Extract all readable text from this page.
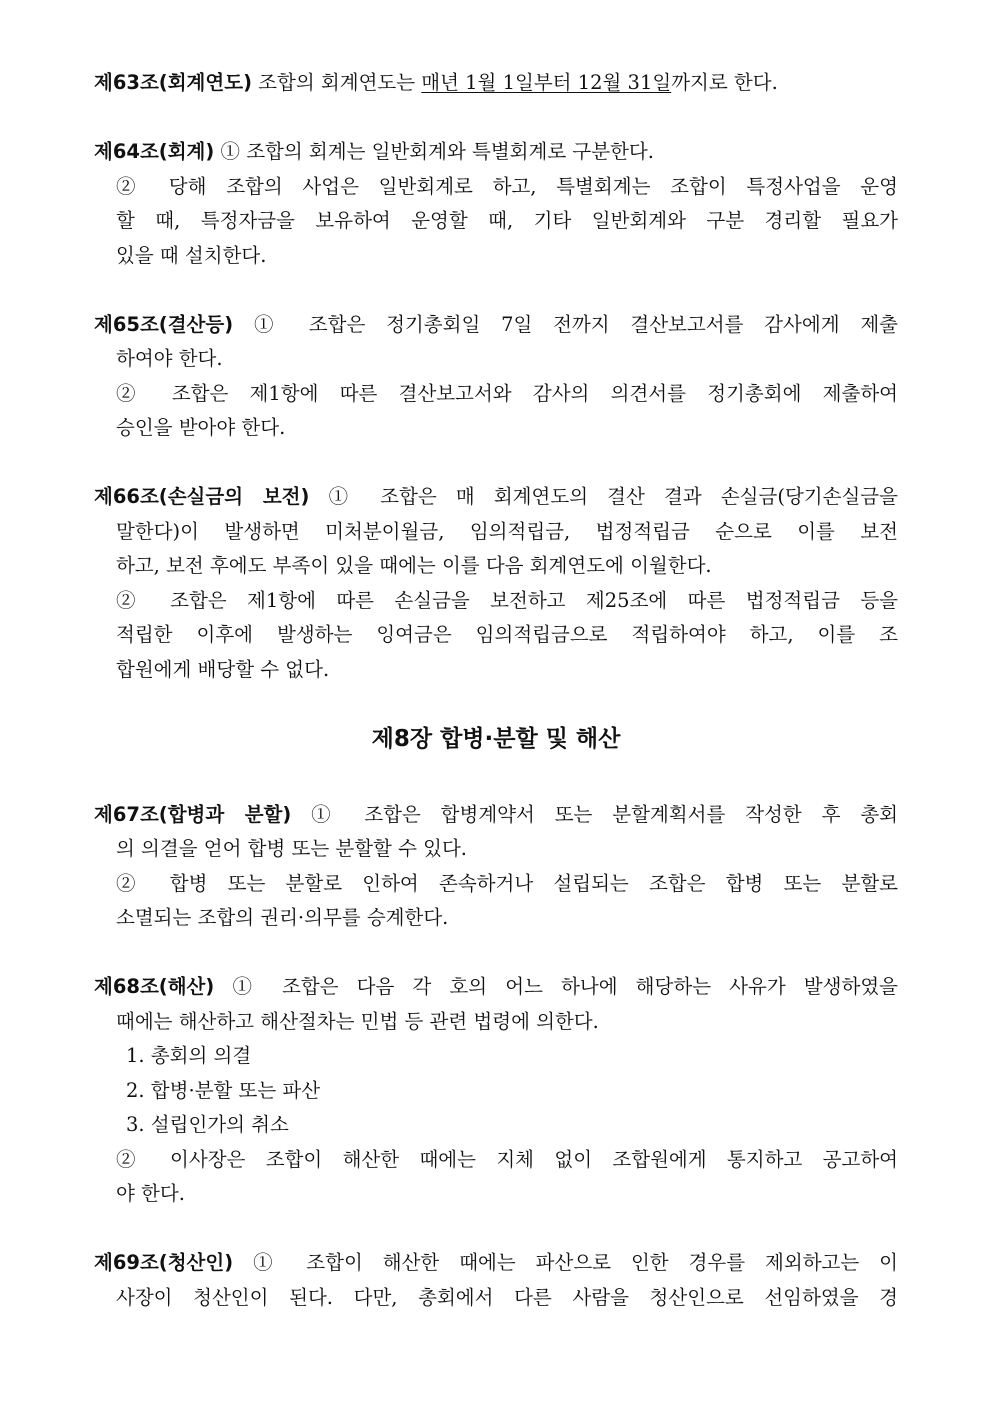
제63조(회계연도) 조합의 회계연도는 매년 1월 1일부터 12월 31일까지로 한다.
제64조(회계) ① 조합의 회계는 일반회계와 특별회계로 구분한다.
② 당해 조합의 사업은 일반회계로 하고, 특별회계는 조합이 특정사업을 운영
할 때, 특정자금을 보유하여 운영할 때, 기타 일반회계와 구분 경리할 필요가
있을 때 설치한다.
제65조(결산등) ① 조합은 정기총회일 7일 전까지 결산보고서를 감사에게 제출
하여야 한다.
② 조합은 제1항에 따른 결산보고서와 감사의 의견서를 정기총회에 제출하여
승인을 받아야 한다.
제66조(손실금의 보전) ① 조합은 매 회계연도의 결산 결과 손실금(당기손실금을
말한다)이 발생하면 미처분이월금, 임의적립금, 법정적립금 순으로 이를 보전
하고, 보전 후에도 부족이 있을 때에는 이를 다음 회계연도에 이월한다.
② 조합은 제1항에 따른 손실금을 보전하고 제25조에 따른 법정적립금 등을
적립한 이후에 발생하는 잉여금은 임의적립금으로 적립하여야 하고, 이를 조
합원에게 배당할 수 없다.
제8장 합병·분할 및 해산
제67조(합병과 분할) ① 조합은 합병계약서 또는 분할계획서를 작성한 후 총회
의 의결을 얻어 합병 또는 분할할 수 있다.
② 합병 또는 분할로 인하여 존속하거나 설립되는 조합은 합병 또는 분할로
소멸되는 조합의 권리·의무를 승계한다.
제68조(해산) ① 조합은 다음 각 호의 어느 하나에 해당하는 사유가 발생하였을
때에는 해산하고 해산절차는 민법 등 관련 법령에 의한다.
1. 총회의 의결
2. 합병·분할 또는 파산
3. 설립인가의 취소
② 이사장은 조합이 해산한 때에는 지체 없이 조합원에게 통지하고 공고하여
야 한다.
제69조(청산인) ① 조합이 해산한 때에는 파산으로 인한 경우를 제외하고는 이
사장이 청산인이 된다. 다만, 총회에서 다른 사람을 청산인으로 선임하였을 경
